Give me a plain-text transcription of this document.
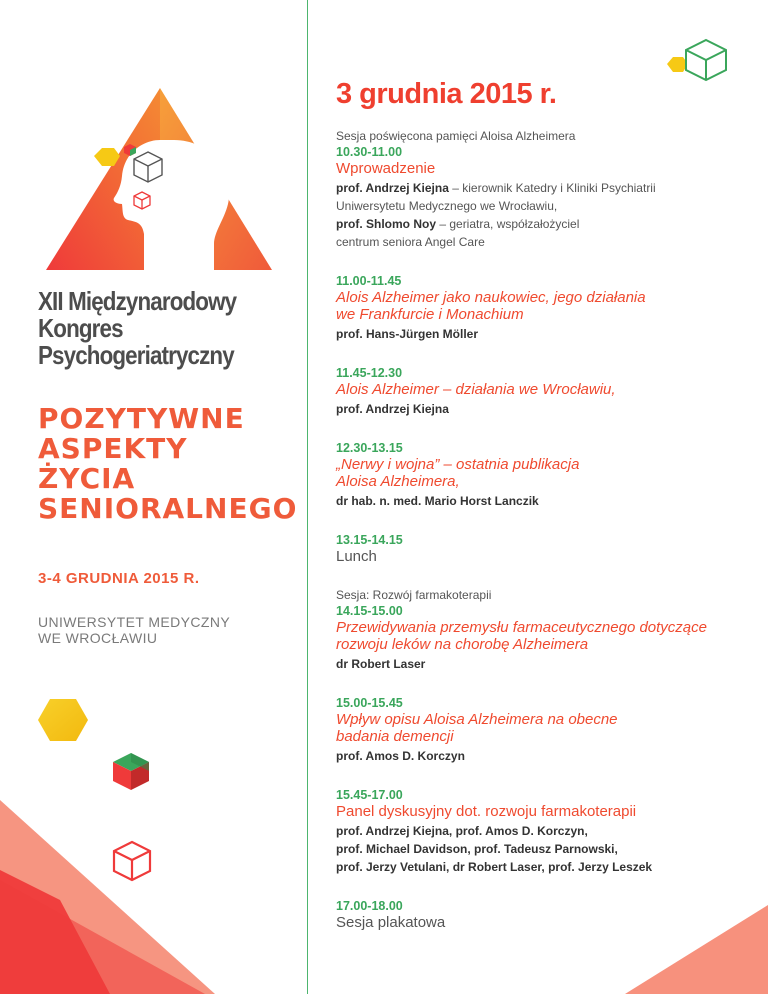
XII Międzynarodowy
Kongres
Psychogeriatryczny
POZYTYWNE
ASPEKTY
ŻYCIA
SENIORALNEGO
3-4 GRUDNIA 2015 R.
UNIWERSYTET MEDYCZNY
WE WROCŁAWIU
3 grudnia 2015 r.
Sesja poświęcona pamięci Aloisa Alzheimera
10.30-11.00
Wprowadzenie
prof. Andrzej Kiejna – kierownik Katedry i Kliniki Psychiatrii
Uniwersytetu Medycznego we Wrocławiu,
prof. Shlomo Noy – geriatra, współzałożyciel
centrum seniora Angel Care
11.00-11.45
Alois Alzheimer jako naukowiec, jego działania
we Frankfurcie i Monachium
prof. Hans-Jürgen Möller
11.45-12.30
Alois Alzheimer – działania we Wrocławiu,
prof. Andrzej Kiejna
12.30-13.15
„Nerwy i wojna” – ostatnia publikacja
Aloisa Alzheimera,
dr hab. n. med. Mario Horst Lanczik
13.15-14.15
Lunch
Sesja: Rozwój farmakoterapii
14.15-15.00
Przewidywania przemysłu farmaceutycznego dotyczące
rozwoju leków na chorobę Alzheimera
dr Robert Laser
15.00-15.45
Wpływ opisu Aloisa Alzheimera na obecne
badania demencji
prof. Amos D. Korczyn
15.45-17.00
Panel dyskusyjny dot. rozwoju farmakoterapii
prof. Andrzej Kiejna, prof. Amos D. Korczyn,
prof. Michael Davidson, prof. Tadeusz Parnowski,
prof. Jerzy Vetulani, dr Robert Laser, prof. Jerzy Leszek
17.00-18.00
Sesja plakatowa
